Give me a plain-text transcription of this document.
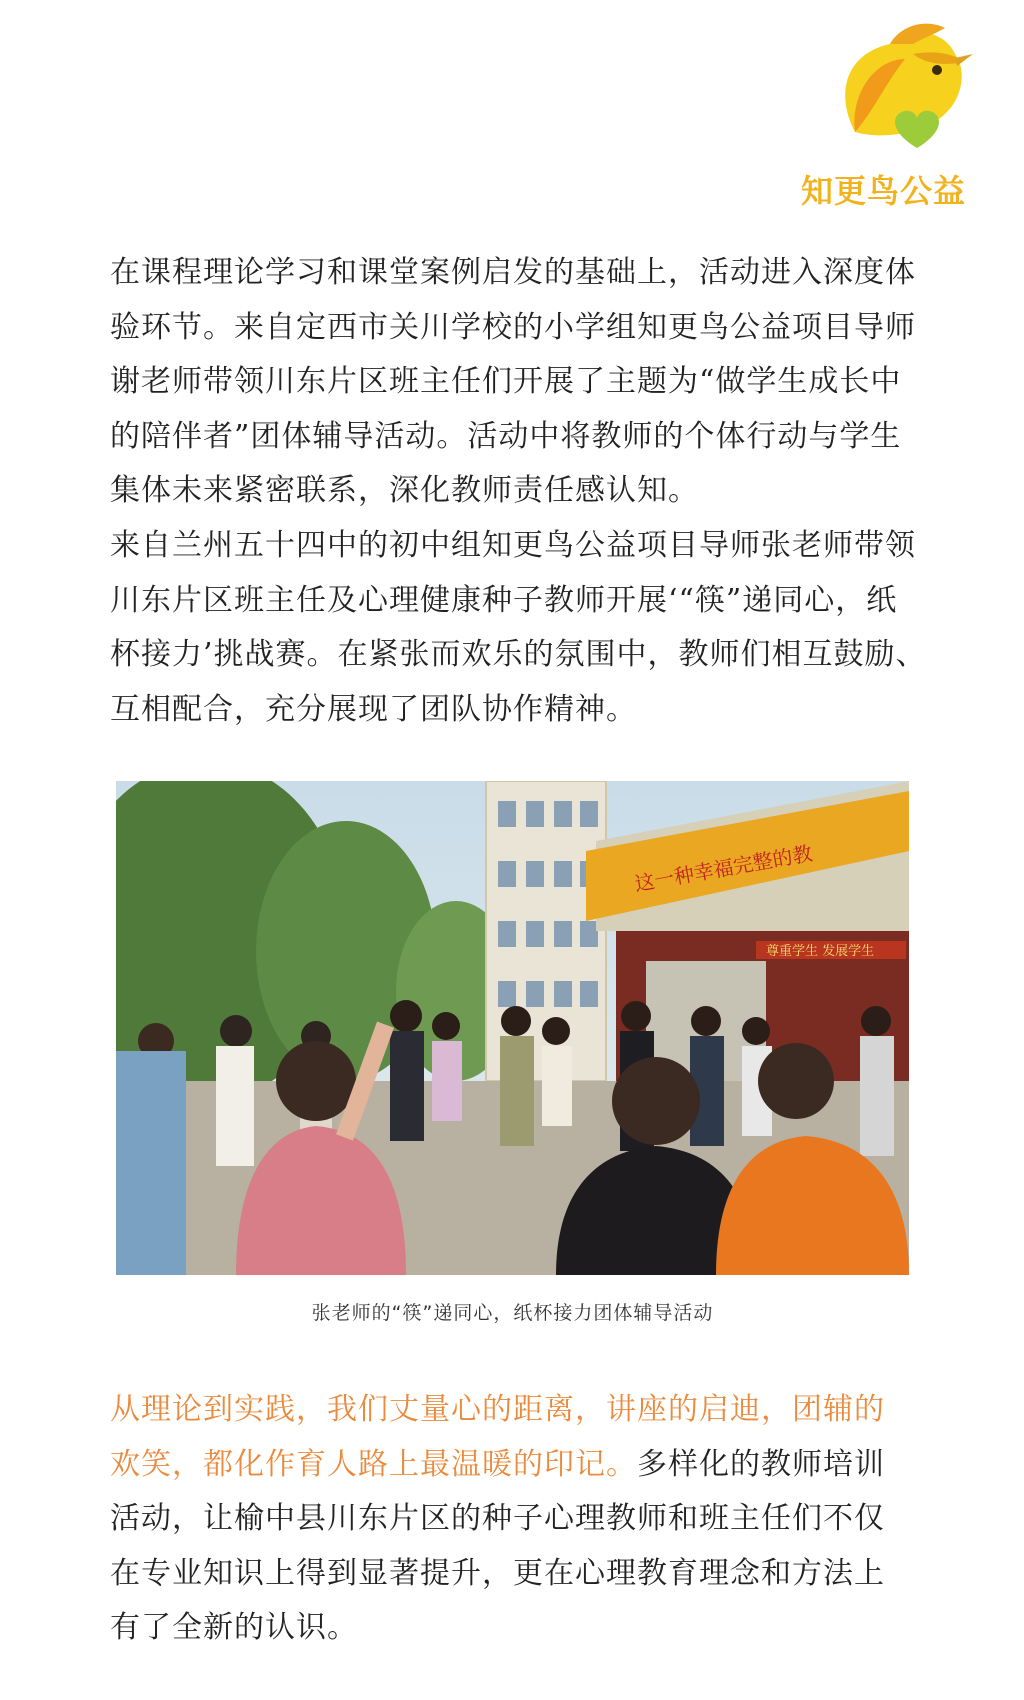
知更鸟公益

在课程理论学习和课堂案例启发的基础上，活动进入深度体验环节。来自定西市关川学校的小学组知更鸟公益项目导师谢老师带领川东片区班主任们开展了主题为“做学生成长中的陪伴者”团体辅导活动。活动中将教师的个体行动与学生集体未来紧密联系，深化教师责任感认知。

来自兰州五十四中的初中组知更鸟公益项目导师张老师带领川东片区班主任及心理健康种子教师开展‘“筷”递同心，纸杯接力’挑战赛。在紧张而欢乐的氛围中，教师们相互鼓励、互相配合，充分展现了团队协作精神。

这一种幸福完整的教
尊重学生 发展学生
张老师的“筷”递同心，纸杯接力团体辅导活动

从理论到实践，我们丈量心的距离，讲座的启迪，团辅的欢笑，都化作育人路上最温暖的印记。多样化的教师培训活动，让榆中县川东片区的种子心理教师和班主任们不仅在专业知识上得到显著提升，更在心理教育理念和方法上有了全新的认识。
